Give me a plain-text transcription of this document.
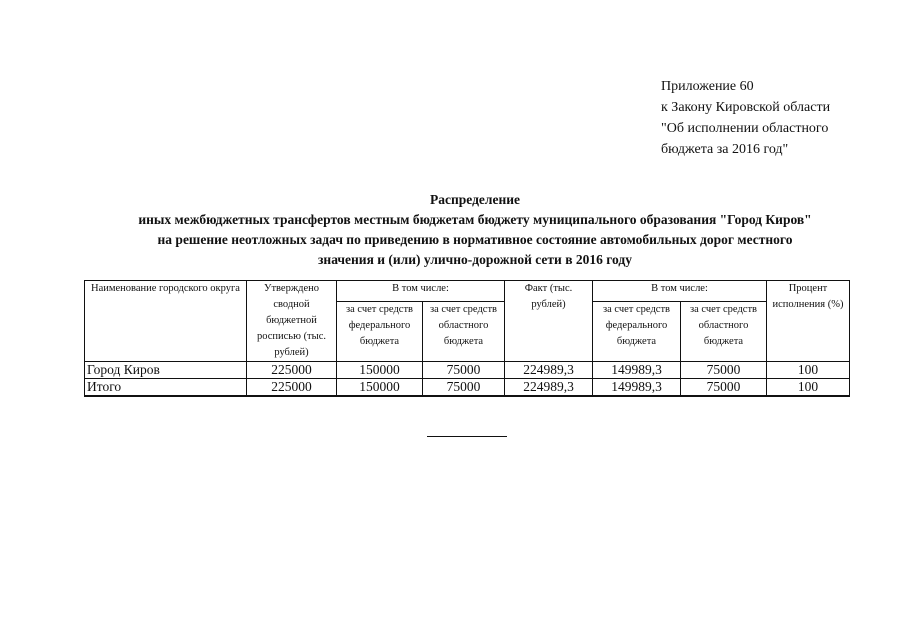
Приложение 60
к Закону Кировской области
"Об исполнении областного
бюджета за 2016 год"
Распределение
иных межбюджетных трансфертов местным бюджетам бюджету муниципального образования "Город Киров"
на решение неотложных задач по приведению в нормативное состояние автомобильных дорог местного
значения и (или) улично-дорожной сети в 2016 году
Наименование городского округа	Утверждено сводной бюджетной росписью (тыс. рублей)	В том числе:		Факт (тыс. рублей)	В том числе:		Процент исполнения (%)
		за счет средств федерального бюджета	за счет средств областного бюджета		за счет средств федерального бюджета	за счет средств областного бюджета	
Город Киров	225000	150000	75000	224989,3	149989,3	75000	100
Итого	225000	150000	75000	224989,3	149989,3	75000	100
